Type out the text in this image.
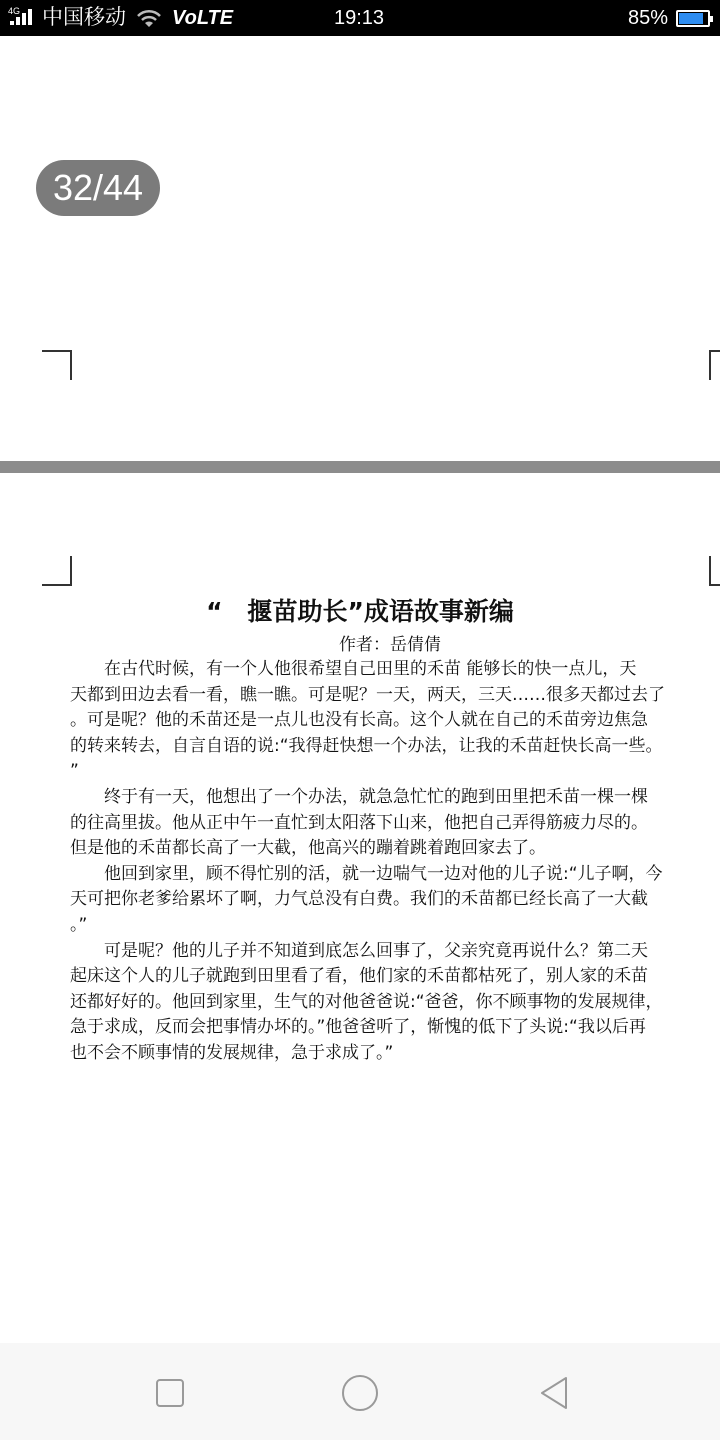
4G 中国移动 VoLTE	19:13	85%
32/44
“　揠苗助长”成语故事新编
作者：岳倩倩
　　在古代时候，有一个人他很希望自己田里的禾苗 能够长的快一点儿，天
天都到田边去看一看，瞧一瞧。可是呢？一天，两天，三天……很多天都过去了
。可是呢？他的禾苗还是一点儿也没有长高。这个人就在自己的禾苗旁边焦急
的转来转去，自言自语的说:“我得赶快想一个办法，让我的禾苗赶快长高一些。
”
　　终于有一天，他想出了一个办法，就急急忙忙的跑到田里把禾苗一棵一棵
的往高里拔。他从正中午一直忙到太阳落下山来，他把自己弄得筋疲力尽的。
但是他的禾苗都长高了一大截，他高兴的蹦着跳着跑回家去了。
　　他回到家里，顾不得忙别的活，就一边喘气一边对他的儿子说:“儿子啊，今
天可把你老爹给累坏了啊，力气总没有白费。我们的禾苗都已经长高了一大截
。”
　　可是呢？他的儿子并不知道到底怎么回事了，父亲究竟再说什么？第二天
起床这个人的儿子就跑到田里看了看，他们家的禾苗都枯死了，别人家的禾苗
还都好好的。他回到家里，生气的对他爸爸说:“爸爸，你不顾事物的发展规律，
急于求成，反而会把事情办坏的。”他爸爸听了，惭愧的低下了头说:“我以后再
也不会不顾事情的发展规律，急于求成了。”
